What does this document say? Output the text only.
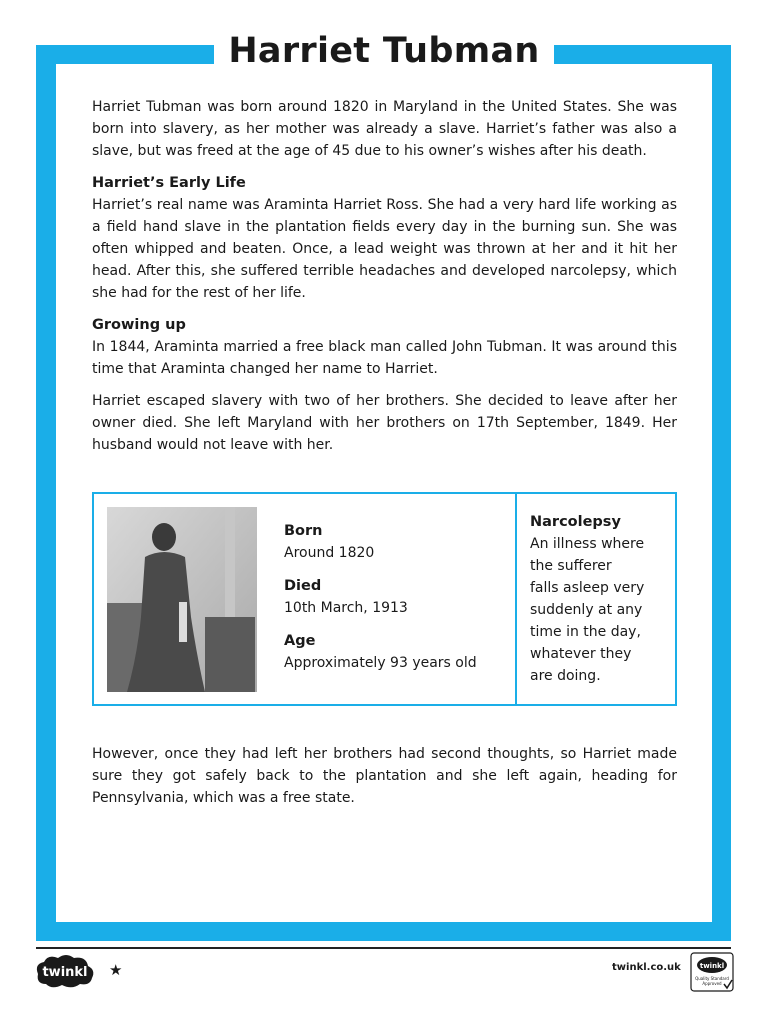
Harriet Tubman

Harriet Tubman was born around 1820 in Maryland in the United States. She was born into slavery, as her mother was already a slave. Harriet’s father was also a slave, but was freed at the age of 45 due to his owner’s wishes after his death.

Harriet’s Early Life

Harriet’s real name was Araminta Harriet Ross. She had a very hard life working as a field hand slave in the plantation fields every day in the burning sun. She was often whipped and beaten. Once, a lead weight was thrown at her and it hit her head. After this, she suffered terrible headaches and developed narcolepsy, which she had for the rest of her life.

Growing up

In 1844, Araminta married a free black man called John Tubman. It was around this time that Araminta changed her name to Harriet.

Harriet escaped slavery with two of her brothers. She decided to leave after her owner died. She left Maryland with her brothers on 17th September, 1849. Her husband would not leave with her.

Born
Around 1820
Died
10th March, 1913
Age
Approximately 93 years old
Narcolepsy
An illness where
the sufferer
falls asleep very
suddenly at any
time in the day,
whatever they
are doing.

However, once they had left her brothers had second thoughts, so Harriet made sure they got safely back to the plantation and she left again, heading for Pennsylvania, which was a free state.

twinkl ★	twinkl.co.uk	twinkl
Quality Standard
Approved
